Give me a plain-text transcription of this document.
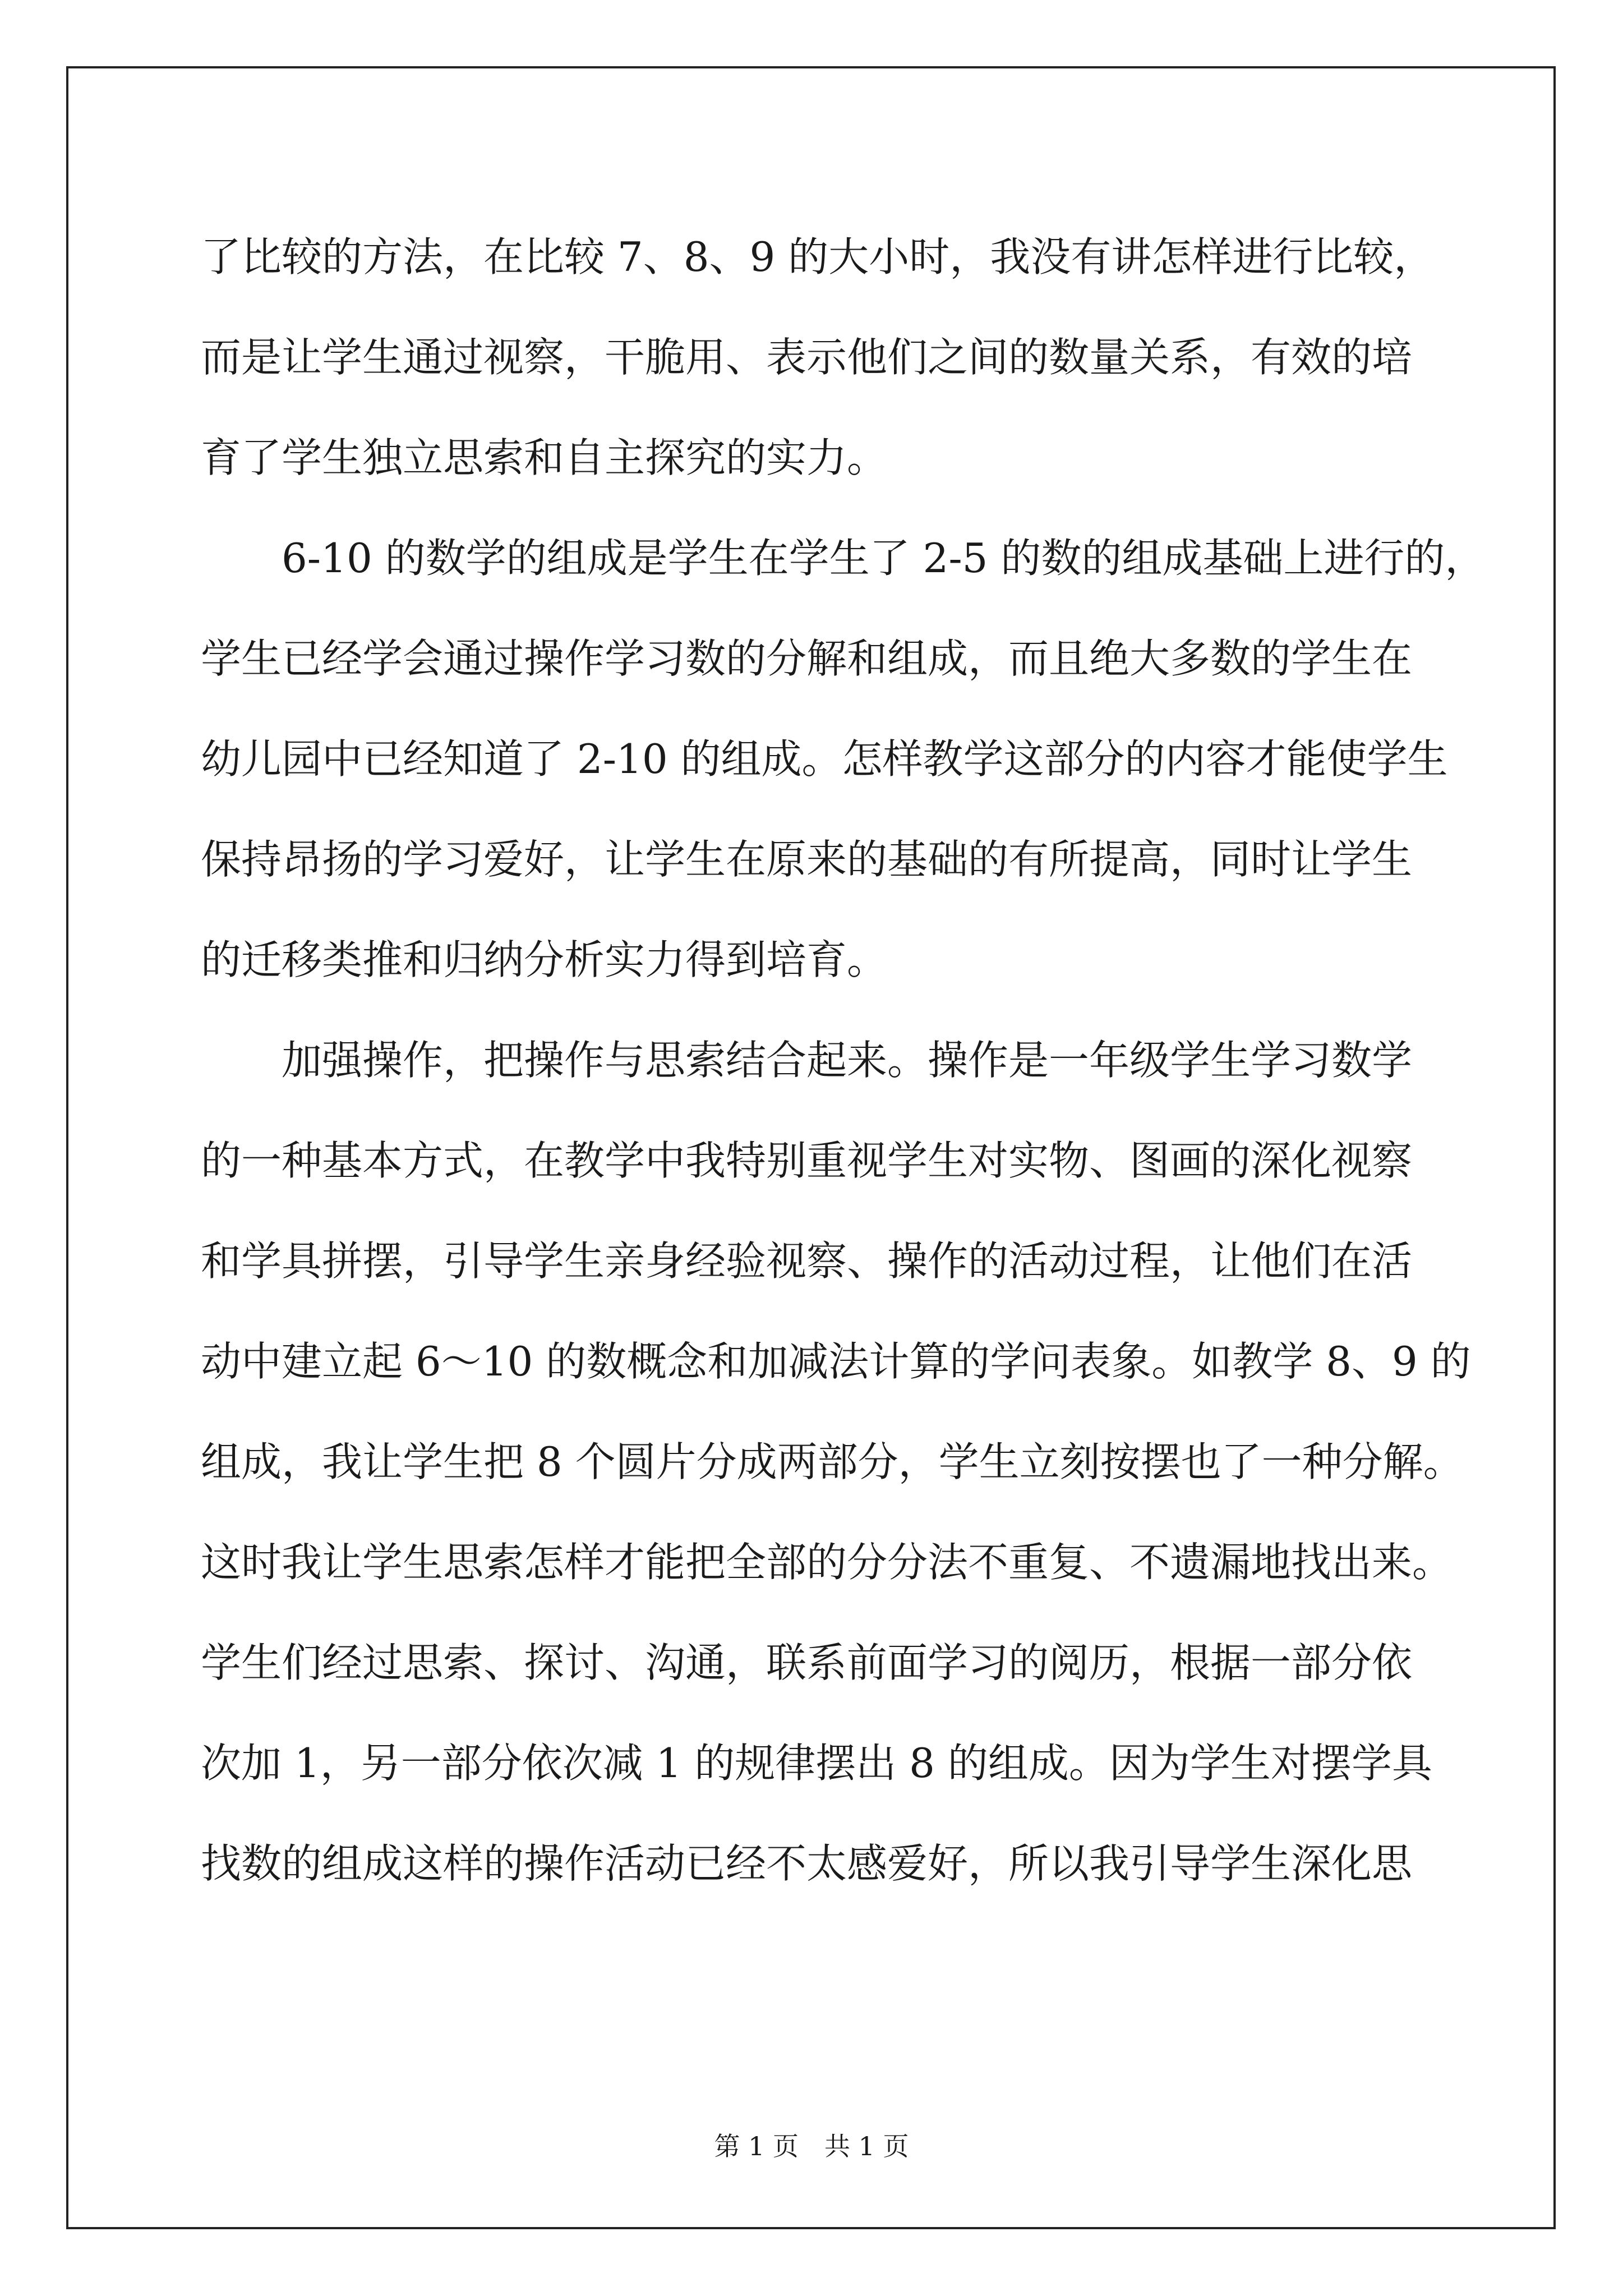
了比较的方法，在比较 7、8、9 的大小时，我没有讲怎样进行比较，
而是让学生通过视察，干脆用、表示他们之间的数量关系，有效的培
育了学生独立思索和自主探究的实力。
　　6-10 的数学的组成是学生在学生了 2-5 的数的组成基础上进行的，
学生已经学会通过操作学习数的分解和组成，而且绝大多数的学生在
幼儿园中已经知道了 2-10 的组成。怎样教学这部分的内容才能使学生
保持昂扬的学习爱好，让学生在原来的基础的有所提高，同时让学生
的迁移类推和归纳分析实力得到培育。
　　加强操作，把操作与思索结合起来。操作是一年级学生学习数学
的一种基本方式，在教学中我特别重视学生对实物、图画的深化视察
和学具拼摆，引导学生亲身经验视察、操作的活动过程，让他们在活
动中建立起 6～10 的数概念和加减法计算的学问表象。如教学 8、9 的
组成，我让学生把 8 个圆片分成两部分，学生立刻按摆也了一种分解。
这时我让学生思索怎样才能把全部的分分法不重复、不遗漏地找出来。
学生们经过思索、探讨、沟通，联系前面学习的阅历，根据一部分依
次加 1，另一部分依次减 1 的规律摆出 8 的组成。因为学生对摆学具
找数的组成这样的操作活动已经不太感爱好，所以我引导学生深化思
第 1 页　共 1 页
